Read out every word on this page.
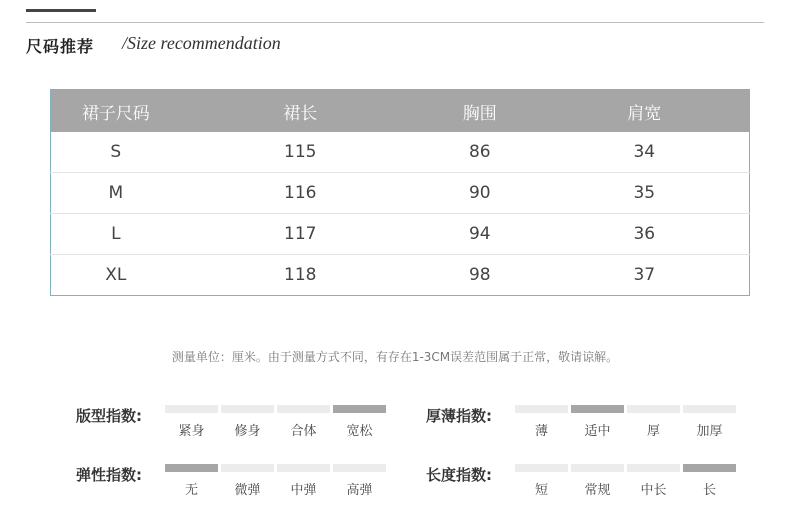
尺码推荐 /Size recommendation
裙子尺码	裙长	胸围	肩宽
S	115	86	34
M	116	90	35
L	117	94	36
XL	118	98	37
测量单位：厘米。由于测量方式不同，有存在1-3CM误差范围属于正常，敬请谅解。
版型指数:
紧身	修身	合体	宽松
厚薄指数:
薄	适中	厚	加厚
弹性指数:
无	微弹	中弹	高弹
长度指数:
短	常规	中长	长
